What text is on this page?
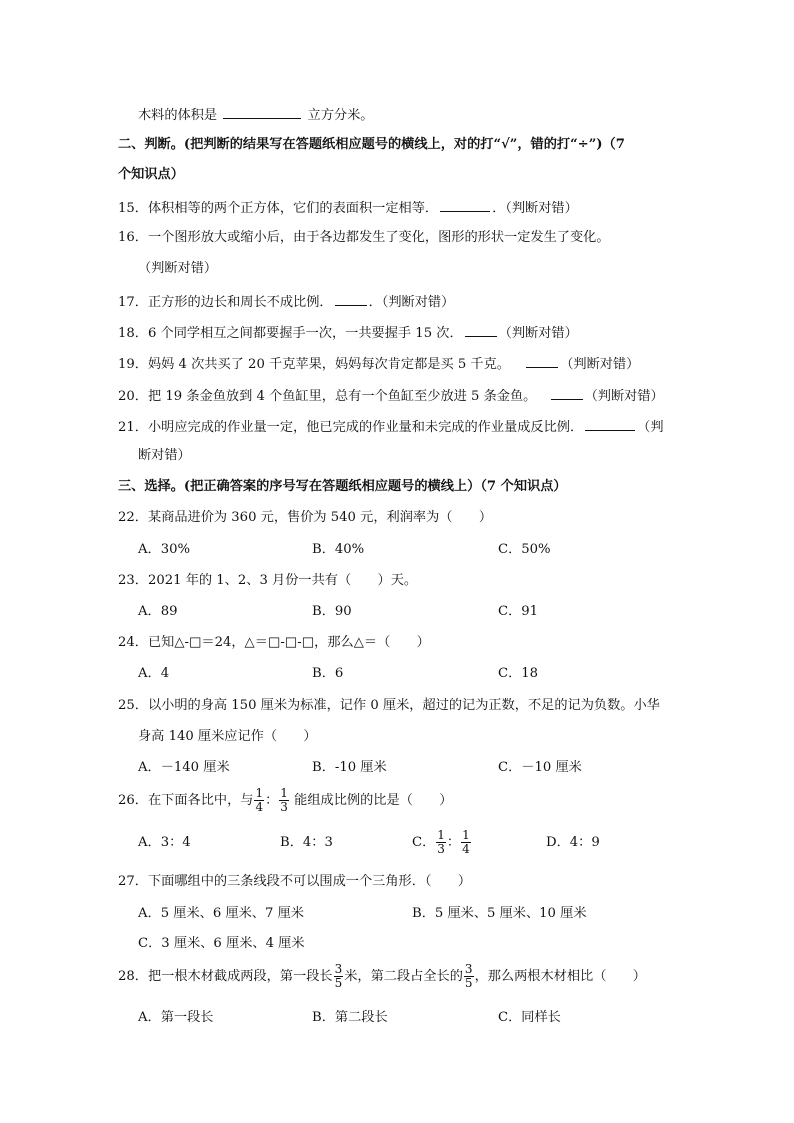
木料的体积是	立方分米。
二、判断。(把判断的结果写在答题纸相应题号的横线上，对的打“√”，错的打“÷”)（7
个知识点）
15．体积相等的两个正方体，它们的表面积一定相等．	．（判断对错）
16．一个图形放大或缩小后，由于各边都发生了变化，图形的形状一定发生了变化。
（判断对错）
17．正方形的边长和周长不成比例．	．（判断对错）
18．6 个同学相互之间都要握手一次，一共要握手 15 次．	（判断对错）
19．妈妈 4 次共买了 20 千克苹果，妈妈每次肯定都是买 5 千克。	（判断对错）
20．把 19 条金鱼放到 4 个鱼缸里，总有一个鱼缸至少放进 5 条金鱼。	（判断对错）
21．小明应完成的作业量一定，他已完成的作业量和未完成的作业量成反比例．	（判
断对错）
三、选择。(把正确答案的序号写在答题纸相应题号的横线上）（7 个知识点）
22．某商品进价为 360 元，售价为 540 元，利润率为（　　）
A．30%	B．40%	C．50%
23．2021 年的 1、2、3 月份一共有（　　）天。
A．89	B．90	C．91
24．已知△-□＝24，△＝□-□-□，那么△＝（　　）
A．4	B．6	C．18
25．以小明的身高 150 厘米为标准，记作 0 厘米，超过的记为正数，不足的记为负数。小华
身高 140 厘米应记作（　　）
A．－140 厘米	B．-10 厘米	C．－10 厘米
26．在下面各比中，与 $\frac{1}{4}$ ： $\frac{1}{3}$ 能组成比例的比是（　　）
A．3：4	B．4：3	C． $\frac{1}{3}$ ： $\frac{1}{4}$	D．4：9
27．下面哪组中的三条线段不可以围成一个三角形．（　　）
A．5 厘米、6 厘米、7 厘米	B．5 厘米、5 厘米、10 厘米
C．3 厘米、6 厘米、4 厘米
28．把一根木材截成两段，第一段长 $\frac{3}{5}$ 米，第二段占全长的 $\frac{3}{5}$ ，那么两根木材相比（　　）
A．第一段长	B．第二段长	C．同样长
